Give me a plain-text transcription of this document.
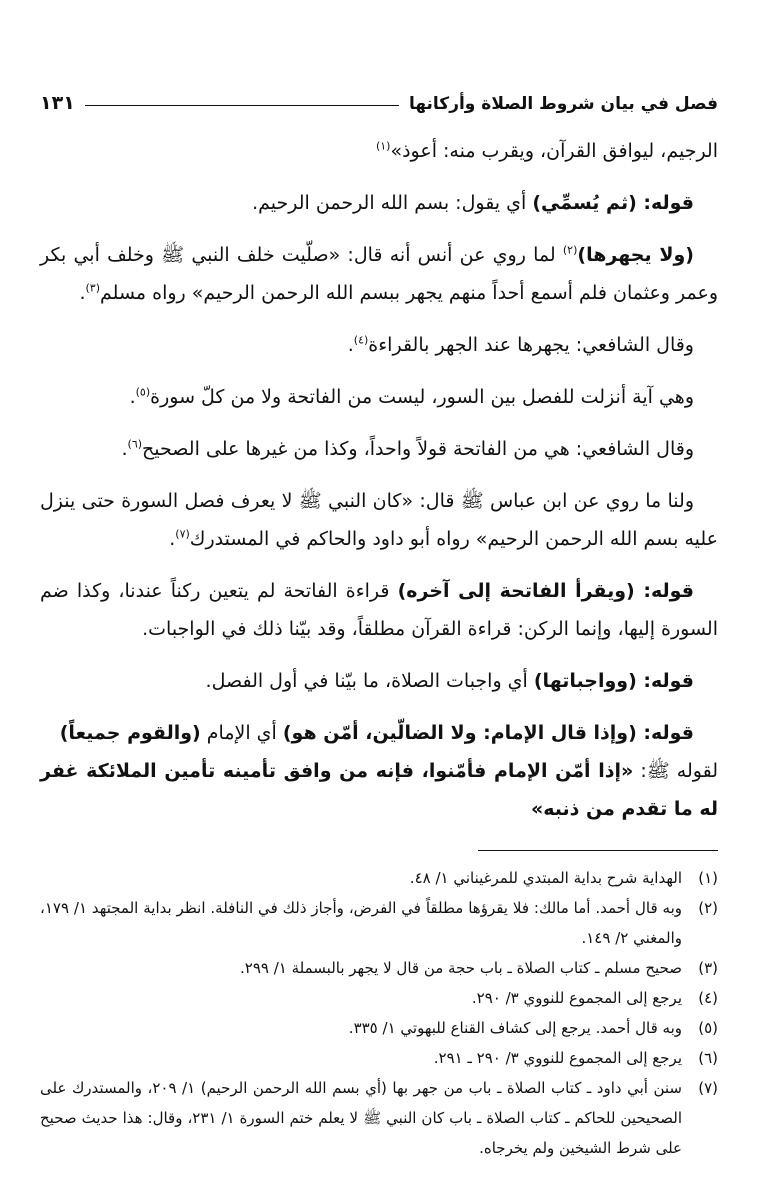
فصل في بيان شروط الصلاة وأركانها
١٣١

الرجيم، ليوافق القرآن، ويقرب منه: أعوذ»$^{(١)}$

قوله: (ثم يُسمِّي) أي يقول: بسم الله الرحمن الرحيم.

(ولا يجهرها)$^{(٢)}$ لما روي عن أنس أنه قال: «صلّيت خلف النبي ﷺ وخلف أبي بكر وعمر وعثمان فلم أسمع أحداً منهم يجهر ببسم الله الرحمن الرحيم» رواه مسلم$^{(٣)}$.

وقال الشافعي: يجهرها عند الجهر بالقراءة$^{(٤)}$.

وهي آية أنزلت للفصل بين السور، ليست من الفاتحة ولا من كلّ سورة$^{(٥)}$.

وقال الشافعي: هي من الفاتحة قولاً واحداً، وكذا من غيرها على الصحيح$^{(٦)}$.

ولنا ما روي عن ابن عباس ﷺ قال: «كان النبي ﷺ لا يعرف فصل السورة حتى ينزل عليه بسم الله الرحمن الرحيم» رواه أبو داود والحاكم في المستدرك$^{(٧)}$.

قوله: (ويقرأ الفاتحة إلى آخره) قراءة الفاتحة لم يتعين ركناً عندنا، وكذا ضم السورة إليها، وإنما الركن: قراءة القرآن مطلقاً، وقد بيّنا ذلك في الواجبات.

قوله: (وواجباتها) أي واجبات الصلاة، ما بيّنا في أول الفصل.

قوله: (وإذا قال الإمام: ولا الضالّين، أمّن هو) أي الإمام (والقوم جميعاً)

لقوله ﷺ: «إذا أمّن الإمام فأمّنوا، فإنه من وافق تأمينه تأمين الملائكة غفر له ما تقدم من ذنبه»

(١)
الهداية شرح بداية المبتدي للمرغيناني ١/ ٤٨.
(٢)
وبه قال أحمد. أما مالك: فلا يقرؤها مطلقاً في الفرض، وأجاز ذلك في النافلة. انظر بداية المجتهد ١/ ١٧٩، والمغني ٢/ ١٤٩.
(٣)
صحيح مسلم ـ كتاب الصلاة ـ باب حجة من قال لا يجهر بالبسملة ١/ ٢٩٩.
(٤)
يرجع إلى المجموع للنووي ٣/ ٢٩٠.
(٥)
وبه قال أحمد. يرجع إلى كشاف القناع للبهوتي ١/ ٣٣٥.
(٦)
يرجع إلى المجموع للنووي ٣/ ٢٩٠ ـ ٢٩١.
(٧)
سنن أبي داود ـ كتاب الصلاة ـ باب من جهر بها (أي بسم الله الرحمن الرحيم) ١/ ٢٠٩، والمستدرك على الصحيحين للحاكم ـ كتاب الصلاة ـ باب كان النبي ﷺ لا يعلم ختم السورة ١/ ٢٣١، وقال: هذا حديث صحيح على شرط الشيخين ولم يخرجاه.
